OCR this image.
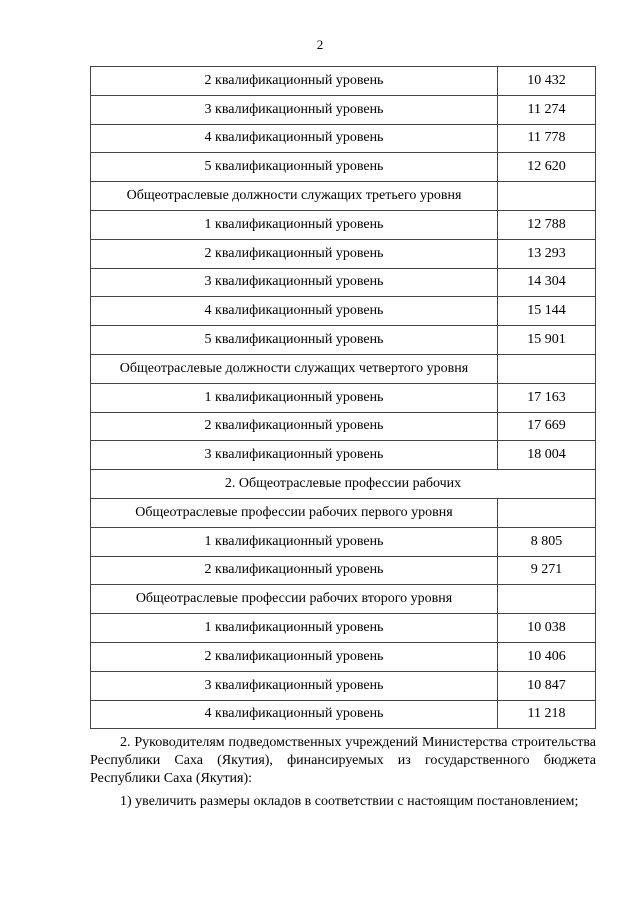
2
2 квалификационный уровень	10 432
3 квалификационный уровень	11 274
4 квалификационный уровень	11 778
5 квалификационный уровень	12 620
Общеотраслевые должности служащих третьего уровня	
1 квалификационный уровень	12 788
2 квалификационный уровень	13 293
3 квалификационный уровень	14 304
4 квалификационный уровень	15 144
5 квалификационный уровень	15 901
Общеотраслевые должности служащих четвертого уровня	
1 квалификационный уровень	17 163
2 квалификационный уровень	17 669
3 квалификационный уровень	18 004
2. Общеотраслевые профессии рабочих	
Общеотраслевые профессии рабочих первого уровня	
1 квалификационный уровень	8 805
2 квалификационный уровень	9 271
Общеотраслевые профессии рабочих второго уровня	
1 квалификационный уровень	10 038
2 квалификационный уровень	10 406
3 квалификационный уровень	10 847
4 квалификационный уровень	11 218
2. Руководителям подведомственных учреждений Министерства строительства Республики Саха (Якутия), финансируемых из государственного бюджета Республики Саха (Якутия):
1) увеличить размеры окладов в соответствии с настоящим постановлением;
